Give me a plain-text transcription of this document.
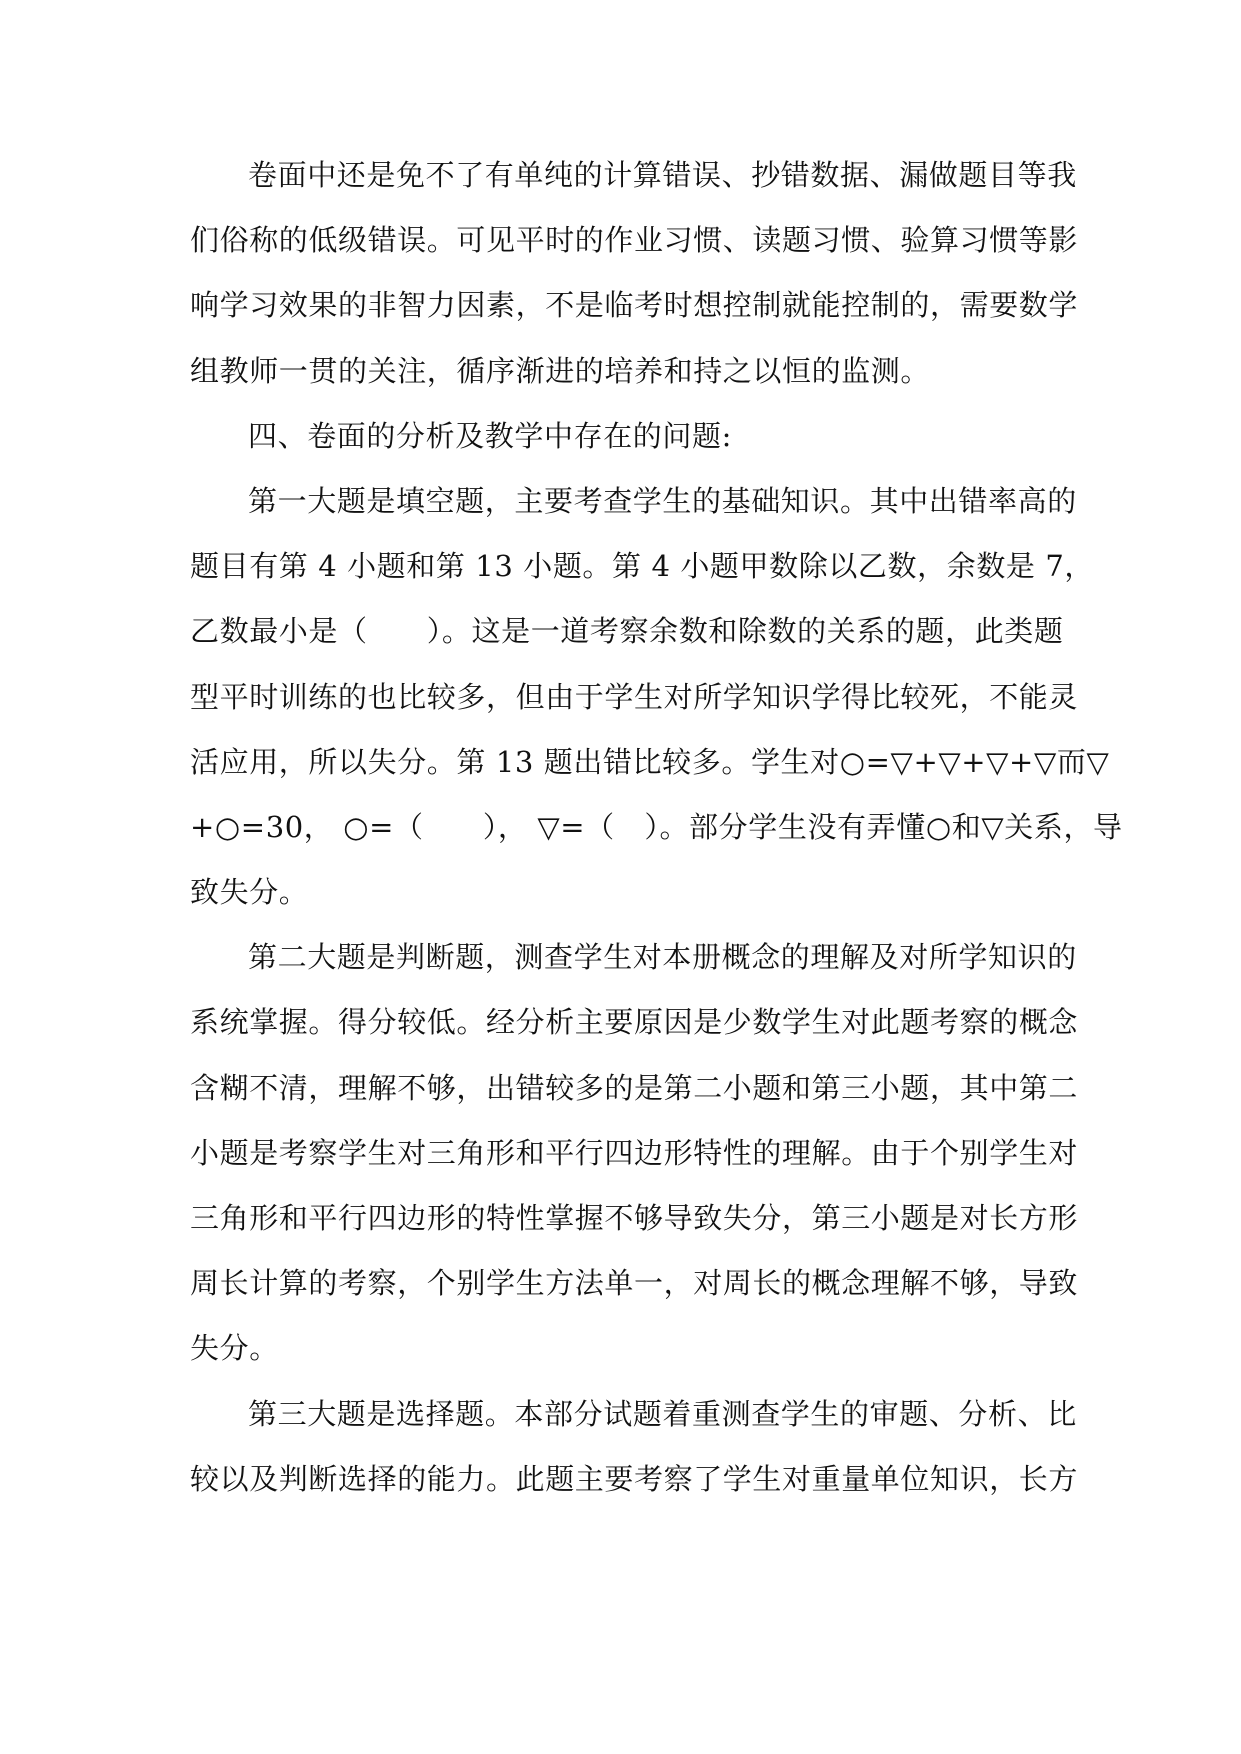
卷面中还是免不了有单纯的计算错误、抄错数据、漏做题目等我
们俗称的低级错误。可见平时的作业习惯、读题习惯、验算习惯等影
响学习效果的非智力因素，不是临考时想控制就能控制的，需要数学
组教师一贯的关注，循序渐进的培养和持之以恒的监测。
四、卷面的分析及教学中存在的问题:
第一大题是填空题，主要考查学生的基础知识。其中出错率高的
题目有第 4 小题和第 13 小题。第 4 小题甲数除以乙数，余数是 7，
乙数最小是（　　）。这是一道考察余数和除数的关系的题，此类题
型平时训练的也比较多，但由于学生对所学知识学得比较死，不能灵
活应用，所以失分。第 13 题出错比较多。学生对○=▽+▽+▽+▽而▽
+○=30， ○=（　　）， ▽=（　）。部分学生没有弄懂○和▽关系，导
致失分。
第二大题是判断题，测查学生对本册概念的理解及对所学知识的
系统掌握。得分较低。经分析主要原因是少数学生对此题考察的概念
含糊不清，理解不够，出错较多的是第二小题和第三小题，其中第二
小题是考察学生对三角形和平行四边形特性的理解。由于个别学生对
三角形和平行四边形的特性掌握不够导致失分，第三小题是对长方形
周长计算的考察，个别学生方法单一，对周长的概念理解不够，导致
失分。
第三大题是选择题。本部分试题着重测查学生的审题、分析、比
较以及判断选择的能力。此题主要考察了学生对重量单位知识，长方
